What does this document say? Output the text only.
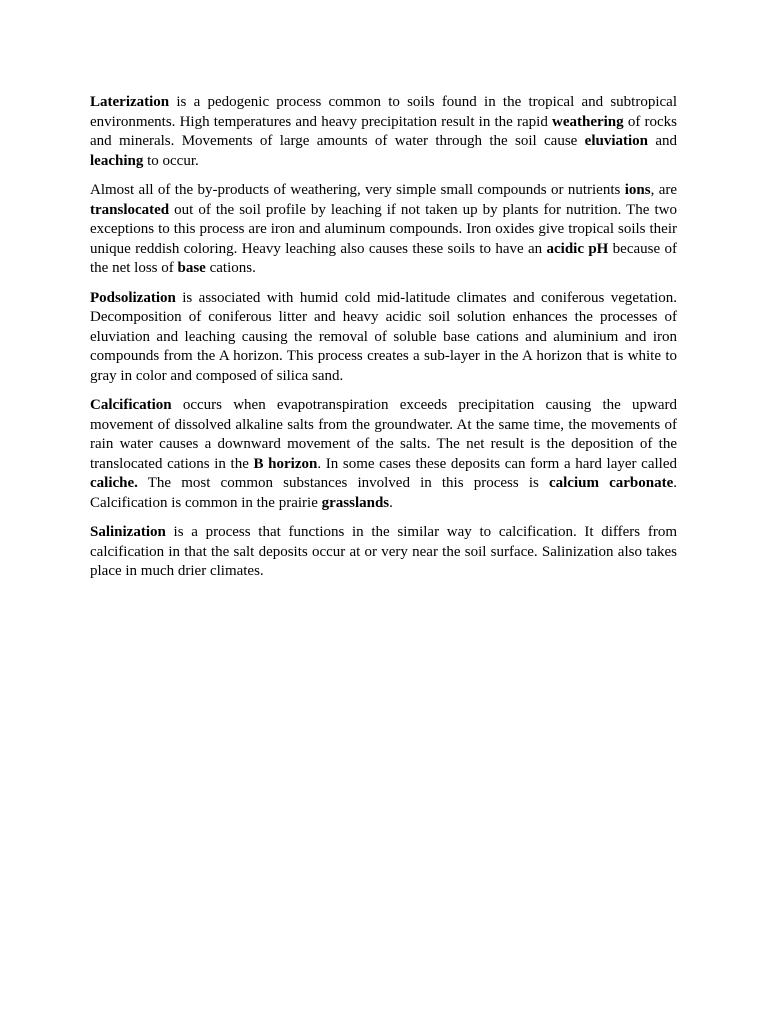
Laterization is a pedogenic process common to soils found in the tropical and subtropical environments. High temperatures and heavy precipitation result in the rapid weathering of rocks and minerals. Movements of large amounts of water through the soil cause eluviation and leaching to occur.

Almost all of the by-products of weathering, very simple small compounds or nutrients ions, are translocated out of the soil profile by leaching if not taken up by plants for nutrition. The two exceptions to this process are iron and aluminum compounds. Iron oxides give tropical soils their unique reddish coloring. Heavy leaching also causes these soils to have an acidic pH because of the net loss of base cations.

Podsolization is associated with humid cold mid-latitude climates and coniferous vegetation. Decomposition of coniferous litter and heavy acidic soil solution enhances the processes of eluviation and leaching causing the removal of soluble base cations and aluminium and iron compounds from the A horizon. This process creates a sub-layer in the A horizon that is white to gray in color and composed of silica sand.

Calcification occurs when evapotranspiration exceeds precipitation causing the upward movement of dissolved alkaline salts from the groundwater. At the same time, the movements of rain water causes a downward movement of the salts. The net result is the deposition of the translocated cations in the B horizon. In some cases these deposits can form a hard layer called caliche. The most common substances involved in this process is calcium carbonate. Calcification is common in the prairie grasslands.

Salinization is a process that functions in the similar way to calcification. It differs from calcification in that the salt deposits occur at or very near the soil surface. Salinization also takes place in much drier climates.
